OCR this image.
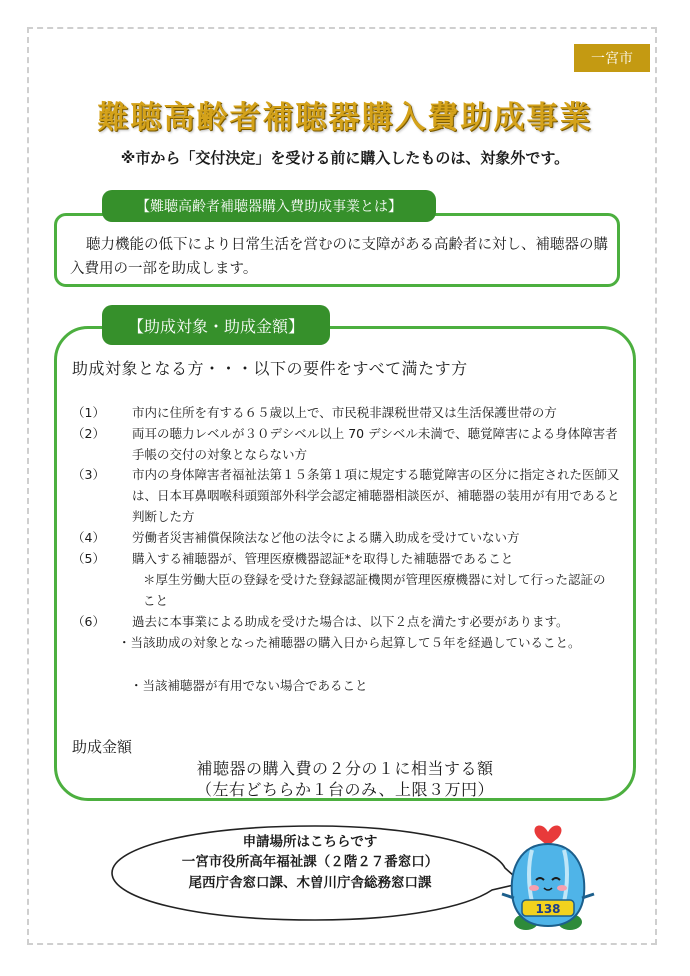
一宮市
難聴高齢者補聴器購入費助成事業
※市から「交付決定」を受ける前に購入したものは、対象外です。
【難聴高齢者補聴器購入費助成事業とは】
聴力機能の低下により日常生活を営むのに支障がある高齢者に対し、補聴器の購入費用の一部を助成します。
【助成対象・助成金額】
助成対象となる方・・・以下の要件をすべて満たす方
（1）	市内に住所を有する６５歳以上で、市民税非課税世帯又は生活保護世帯の方
（2）	両耳の聴力レベルが３０デシベル以上 70 デシベル未満で、聴覚障害による身体障害者手帳の交付の対象とならない方
（3）	市内の身体障害者福祉法第１５条第１項に規定する聴覚障害の区分に指定された医師又は、日本耳鼻咽喉科頭頸部外科学会認定補聴器相談医が、補聴器の装用が有用であると判断した方
（4）	労働者災害補償保険法など他の法令による購入助成を受けていない方
（5）	購入する補聴器が、管理医療機器認証*を取得した補聴器であること
＊厚生労働大臣の登録を受けた登録認証機関が管理医療機器に対して行った認証のこと
（6）	過去に本事業による助成を受けた場合は、以下２点を満たす必要があります。
・当該助成の対象となった補聴器の購入日から起算して５年を経過していること。
・当該補聴器が有用でない場合であること
助成金額
補聴器の購入費の２分の１に相当する額
（左右どちらか１台のみ、上限３万円）
申請場所はこちらです
一宮市役所高年福祉課（２階２７番窓口）
尾西庁舎窓口課、木曽川庁舎総務窓口課
138
